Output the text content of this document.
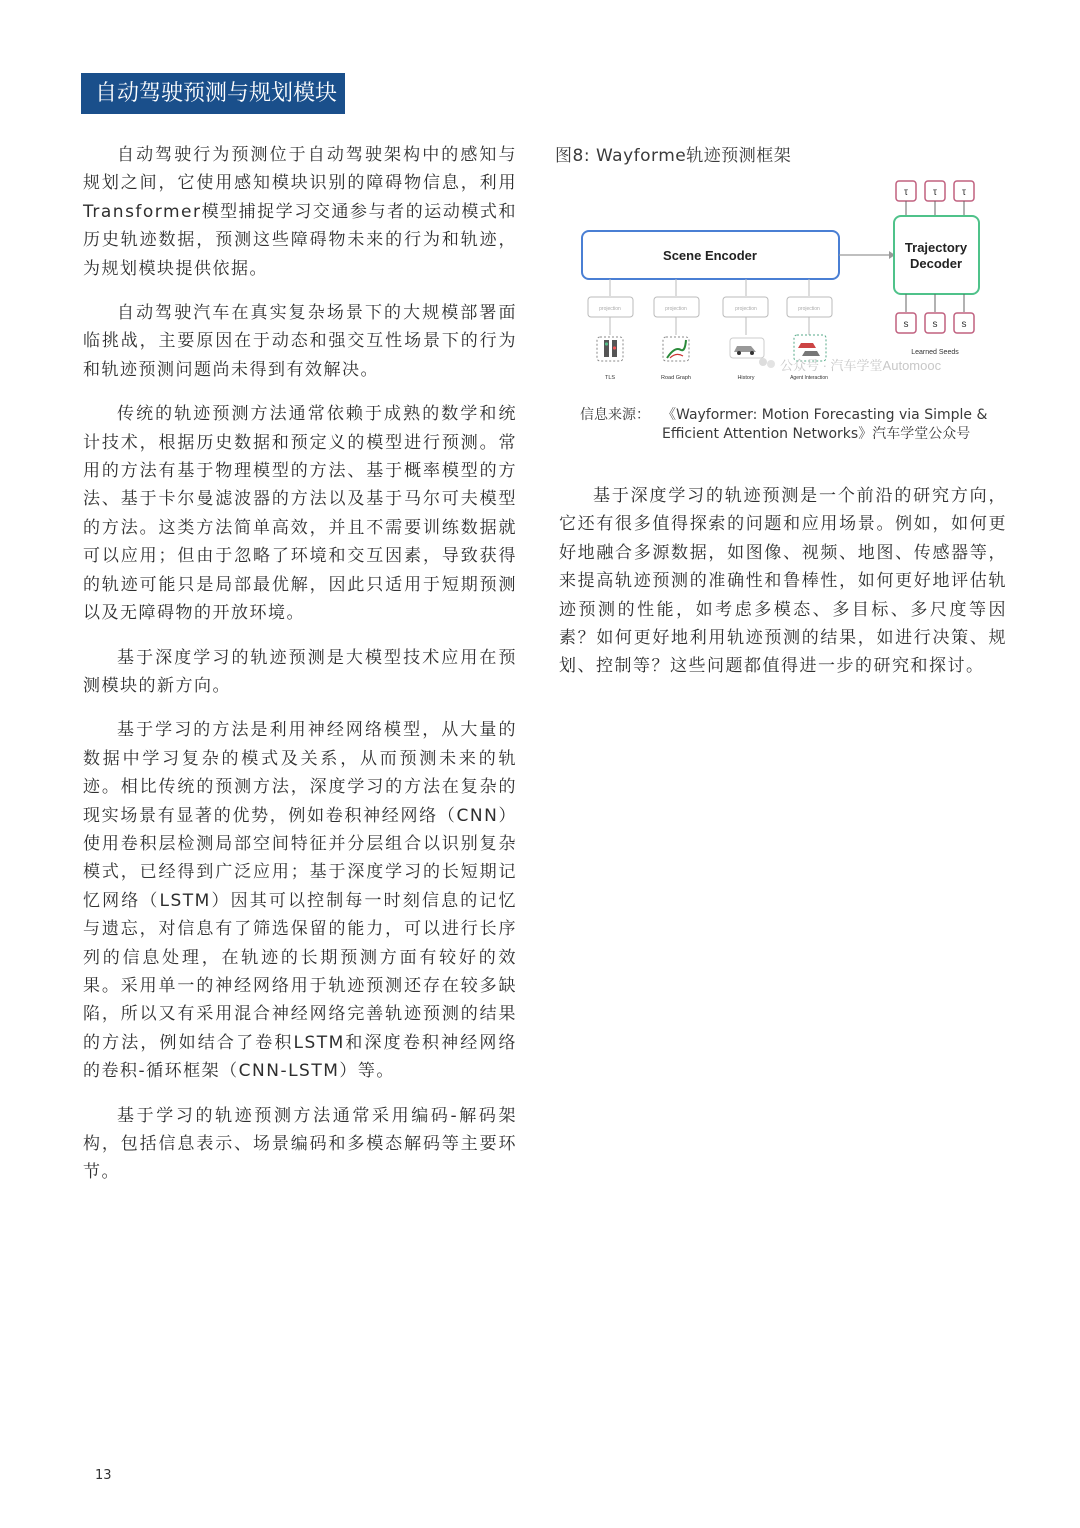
自动驾驶预测与规划模块

自动驾驶行为预测位于自动驾驶架构中的感知与规划之间，它使用感知模块识别的障碍物信息，利用Transformer模型捕捉学习交通参与者的运动模式和历史轨迹数据，预测这些障碍物未来的行为和轨迹，为规划模块提供依据。

自动驾驶汽车在真实复杂场景下的大规模部署面临挑战，主要原因在于动态和强交互性场景下的行为和轨迹预测问题尚未得到有效解决。

传统的轨迹预测方法通常依赖于成熟的数学和统计技术，根据历史数据和预定义的模型进行预测。常用的方法有基于物理模型的方法、基于概率模型的方法、基于卡尔曼滤波器的方法以及基于马尔可夫模型的方法。这类方法简单高效，并且不需要训练数据就可以应用；但由于忽略了环境和交互因素，导致获得的轨迹可能只是局部最优解，因此只适用于短期预测以及无障碍物的开放环境。

基于深度学习的轨迹预测是大模型技术应用在预测模块的新方向。

基于学习的方法是利用神经网络模型，从大量的数据中学习复杂的模式及关系，从而预测未来的轨迹。相比传统的预测方法，深度学习的方法在复杂的现实场景有显著的优势，例如卷积神经网络（CNN）使用卷积层检测局部空间特征并分层组合以识别复杂模式，已经得到广泛应用；基于深度学习的长短期记忆网络（LSTM）因其可以控制每一时刻信息的记忆与遗忘，对信息有了筛选保留的能力，可以进行长序列的信息处理，在轨迹的长期预测方面有较好的效果。采用单一的神经网络用于轨迹预测还存在较多缺陷，所以又有采用混合神经网络完善轨迹预测的结果的方法，例如结合了卷积LSTM和深度卷积神经网络的卷积-循环框架（CNN-LSTM）等。

基于学习的轨迹预测方法通常采用编码-解码架构，包括信息表示、场景编码和多模态解码等主要环节。

图8: Wayforme轨迹预测框架
τ	τ	τ
Scene Encoder
Trajectory
Decoder
s s s
Learned Seeds
projection	projection	projection	projection
TLS	Road Graph	History	Agent Interaction
公众号 · 汽车学堂Automooc
信息来源： 《Wayformer: Motion Forecasting via Simple & Efficient Attention Networks》汽车学堂公众号

基于深度学习的轨迹预测是一个前沿的研究方向，它还有很多值得探索的问题和应用场景。例如，如何更好地融合多源数据，如图像、视频、地图、传感器等，来提高轨迹预测的准确性和鲁棒性，如何更好地评估轨迹预测的性能，如考虑多模态、多目标、多尺度等因素？如何更好地利用轨迹预测的结果，如进行决策、规划、控制等？这些问题都值得进一步的研究和探讨。

13
